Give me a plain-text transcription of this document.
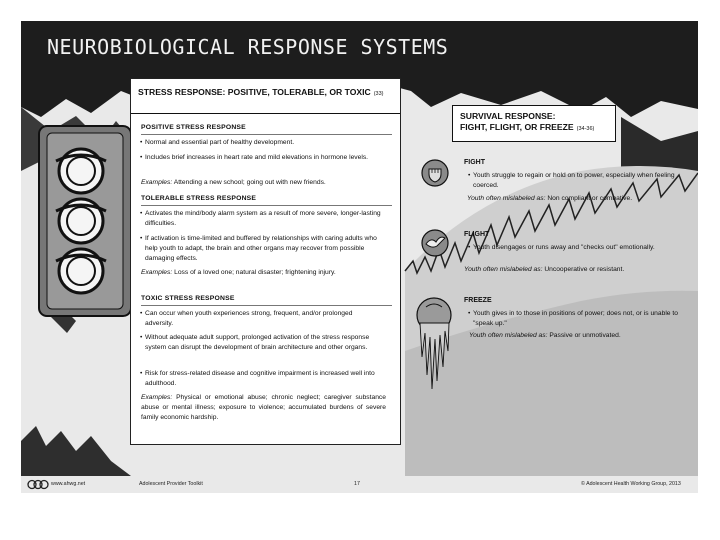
NEUROBIOLOGICAL RESPONSE SYSTEMS
STRESS RESPONSE: POSITIVE, TOLERABLE, OR TOXIC (33)
POSITIVE STRESS RESPONSE
• Normal and essential part of healthy development.
• Includes brief increases in heart rate and mild elevations in hormone levels.
Examples: Attending a new school; going out with new friends.
TOLERABLE STRESS RESPONSE
• Activates the mind/body alarm system as a result of more severe, longer-lasting difficulties.
• If activation is time-limited and buffered by relationships with caring adults who help youth to adapt, the brain and other organs may recover from possible damaging effects.
Examples: Loss of a loved one; natural disaster; frightening injury.
TOXIC STRESS RESPONSE
• Can occur when youth experiences strong, frequent, and/or prolonged adversity.
• Without adequate adult support, prolonged activation of the stress response system can disrupt the development of brain architecture and other organs.
• Risk for stress-related disease and cognitive impairment is increased well into adulthood.
Examples: Physical or emotional abuse; chronic neglect; caregiver substance abuse or mental illness; exposure to violence; accumulated burdens of severe family economic hardship.
SURVIVAL RESPONSE:
FIGHT, FLIGHT, OR FREEZE (34-36)
FIGHT
• Youth struggle to regain or hold on to power, especially when feeling coerced.
Youth often mislabeled as: Non compliant or combative.
FLIGHT
• Youth disengages or runs away and "checks out" emotionally.
Youth often mislabeled as: Uncooperative or resistant.
FREEZE
• Youth gives in to those in positions of power; does not, or is unable to "speak up."
Youth often mislabeled as: Passive or unmotivated.
www.ahwg.net	Adolescent Provider Toolkit	17	© Adolescent Health Working Group, 2013
